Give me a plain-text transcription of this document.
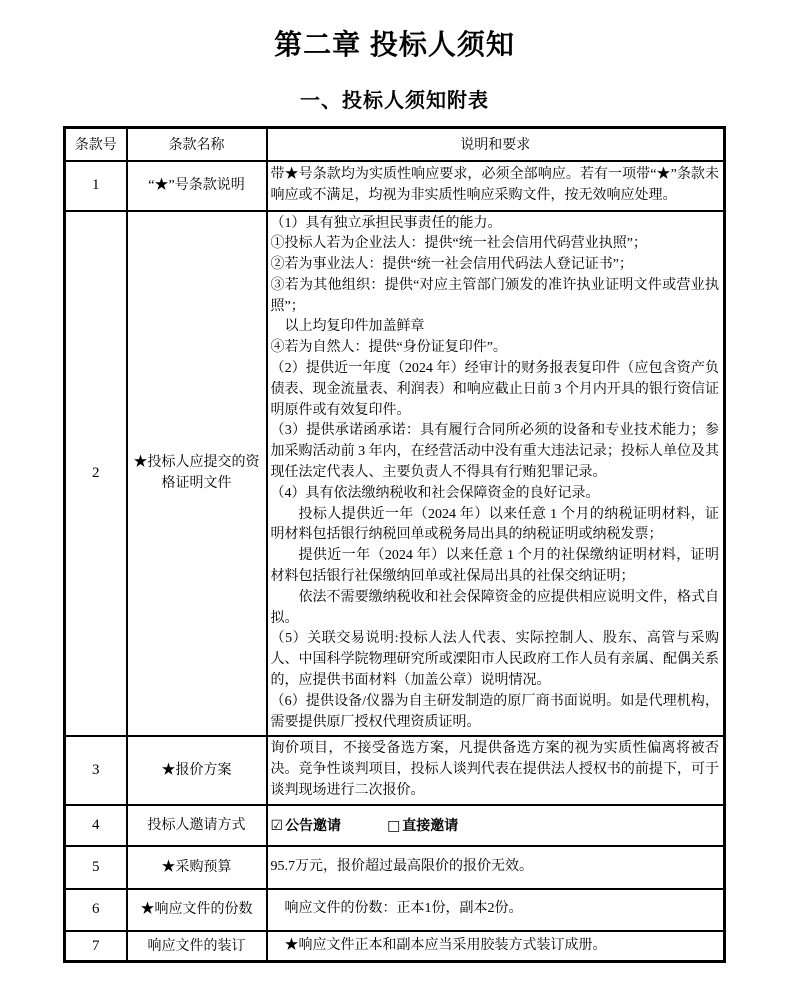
第二章 投标人须知
一、投标人须知附表
条款号	条款名称	说明和要求
1	“★”号条款说明	带★号条款均为实质性响应要求，必须全部响应。若有一项带“★”条款未响应或不满足，均视为非实质性响应采购文件，按无效响应处理。

2	★投标人应提交的资格证明文件	

（1）具有独立承担民事责任的能力。

①投标人若为企业法人：提供“统一社会信用代码营业执照”；

②若为事业法人：提供“统一社会信用代码法人登记证书”；

③若为其他组织：提供“对应主管部门颁发的准许执业证明文件或营业执照”；

以上均复印件加盖鲜章

④若为自然人：提供“身份证复印件”。

（2）提供近一年度（2024 年）经审计的财务报表复印件（应包含资产负债表、现金流量表、利润表）和响应截止日前 3 个月内开具的银行资信证明原件或有效复印件。

（3）提供承诺函承诺：具有履行合同所必须的设备和专业技术能力；参加采购活动前 3 年内，在经营活动中没有重大违法记录；投标人单位及其现任法定代表人、主要负责人不得具有行贿犯罪记录。

（4）具有依法缴纳税收和社会保障资金的良好记录。

投标人提供近一年（2024 年）以来任意 1 个月的纳税证明材料，证明材料包括银行纳税回单或税务局出具的纳税证明或纳税发票；

提供近一年（2024 年）以来任意 1 个月的社保缴纳证明材料，证明材料包括银行社保缴纳回单或社保局出具的社保交纳证明；

依法不需要缴纳税收和社会保障资金的应提供相应说明文件，格式自拟。

（5）关联交易说明:投标人法人代表、实际控制人、股东、高管与采购人、中国科学院物理研究所或溧阳市人民政府工作人员有亲属、配偶关系的，应提供书面材料（加盖公章）说明情况。

（6）提供设备/仪器为自主研发制造的原厂商书面说明。如是代理机构，需要提供原厂授权代理资质证明。

3	★报价方案	询价项目，不接受备选方案，凡提供备选方案的视为实质性偏离将被否决。竞争性谈判项目，投标人谈判代表在提供法人授权书的前提下，可于谈判现场进行二次报价。

4	投标人邀请方式	☑ 公告邀请 □ 直接邀请
5	★采购预算	95.7万元，报价超过最高限价的报价无效。

6	★响应文件的份数	响应文件的份数：正本1份，副本2份。

7	响应文件的装订	★响应文件正本和副本应当采用胶装方式装订成册。
